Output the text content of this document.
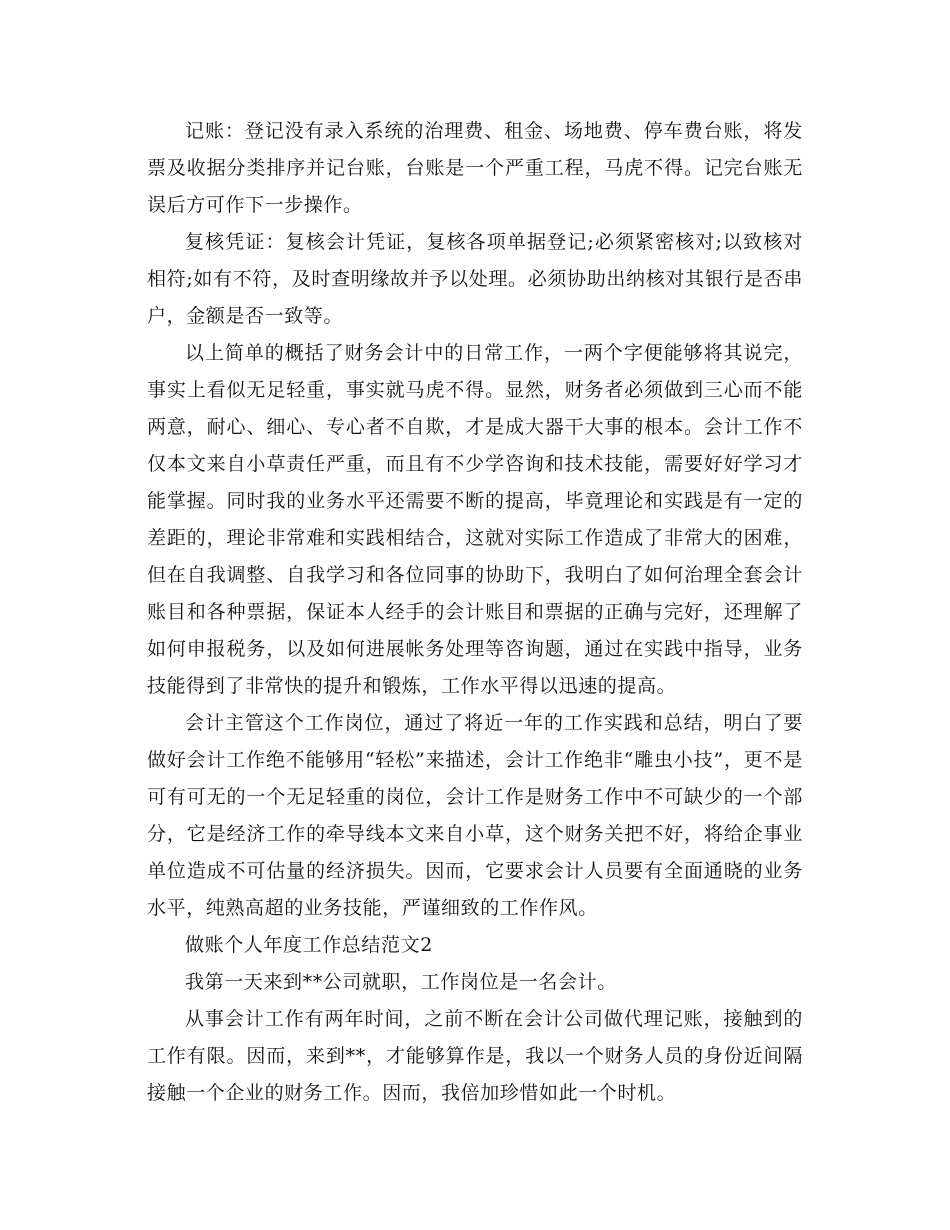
记账：登记没有录入系统的治理费、租金、场地费、停车费台账，将发票及收据分类排序并记台账，台账是一个严重工程，马虎不得。记完台账无误后方可作下一步操作。

复核凭证：复核会计凭证，复核各项单据登记;必须紧密核对;以致核对相符;如有不符，及时查明缘故并予以处理。必须协助出纳核对其银行是否串户，金额是否一致等。

以上简单的概括了财务会计中的日常工作，一两个字便能够将其说完，事实上看似无足轻重，事实就马虎不得。显然，财务者必须做到三心而不能两意，耐心、细心、专心者不自欺，才是成大器干大事的根本。会计工作不仅本文来自小草责任严重，而且有不少学咨询和技术技能，需要好好学习才能掌握。同时我的业务水平还需要不断的提高，毕竟理论和实践是有一定的差距的，理论非常难和实践相结合，这就对实际工作造成了非常大的困难，但在自我调整、自我学习和各位同事的协助下，我明白了如何治理全套会计账目和各种票据，保证本人经手的会计账目和票据的正确与完好，还理解了如何申报税务，以及如何进展帐务处理等咨询题，通过在实践中指导，业务技能得到了非常快的提升和锻炼，工作水平得以迅速的提高。

会计主管这个工作岗位，通过了将近一年的工作实践和总结，明白了要做好会计工作绝不能够用“轻松”来描述，会计工作绝非“雕虫小技”，更不是可有可无的一个无足轻重的岗位，会计工作是财务工作中不可缺少的一个部分，它是经济工作的牵导线本文来自小草，这个财务关把不好，将给企事业单位造成不可估量的经济损失。因而，它要求会计人员要有全面通晓的业务水平，纯熟高超的业务技能，严谨细致的工作作风。

做账个人年度工作总结范文2

我第一天来到**公司就职，工作岗位是一名会计。

从事会计工作有两年时间，之前不断在会计公司做代理记账，接触到的工作有限。因而，来到**，才能够算作是，我以一个财务人员的身份近间隔接触一个企业的财务工作。因而，我倍加珍惜如此一个时机。
